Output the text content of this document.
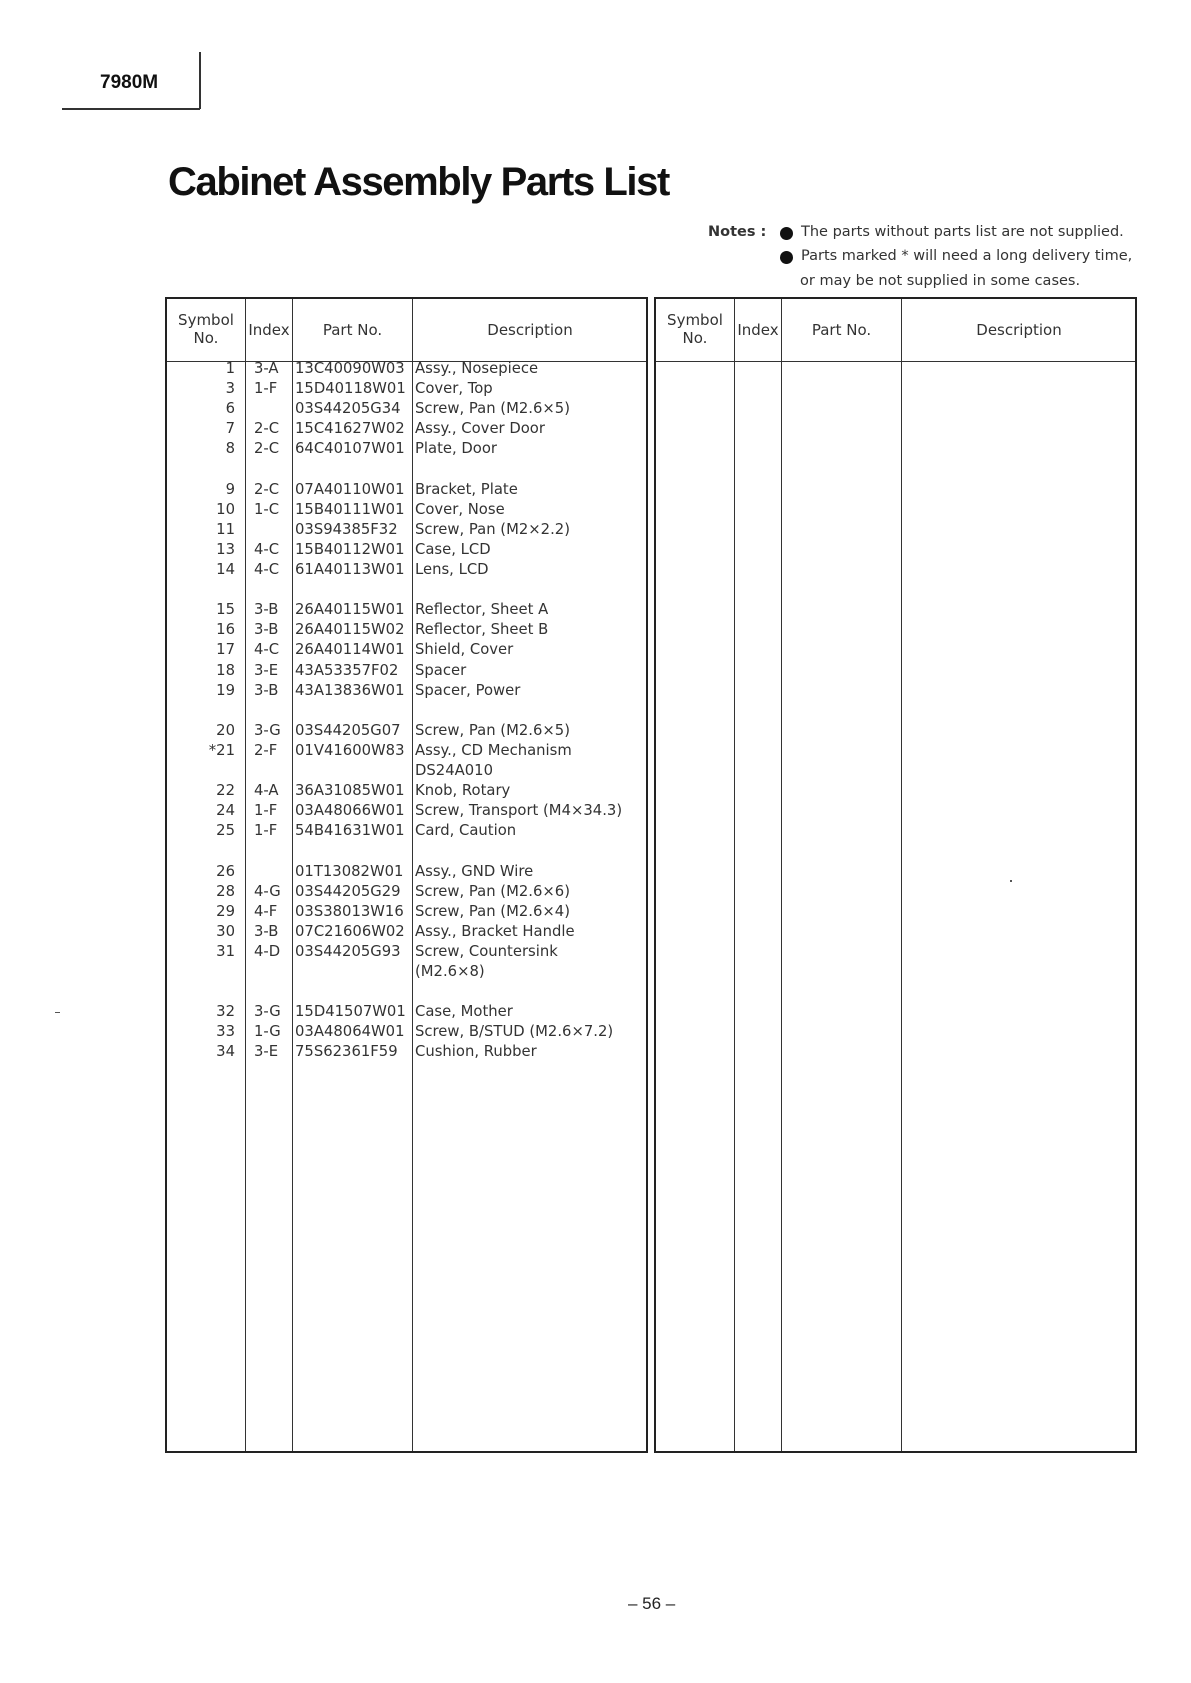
7980M
Cabinet Assembly Parts List
Notes : The parts without parts list are not supplied.
Parts marked * will need a long delivery time,
or may be not supplied in some cases.
Symbol
No.	Index	Part No.	Description
1 3-A 13C40090W03 Assy., Nosepiece
3 1-F 15D40118W01 Cover, Top
6	03S44205G34 Screw, Pan (M2.6×5)
7 2-C 15C41627W02 Assy., Cover Door
8 2-C 64C40107W01 Plate, Door
9 2-C 07A40110W01 Bracket, Plate
10 1-C 15B40111W01 Cover, Nose
11	03S94385F32 Screw, Pan (M2×2.2)
13 4-C 15B40112W01 Case, LCD
14 4-C 61A40113W01 Lens, LCD
15 3-B 26A40115W01 Reflector, Sheet A
16 3-B 26A40115W02 Reflector, Sheet B
17 4-C 26A40114W01 Shield, Cover
18 3-E 43A53357F02 Spacer
19 3-B 43A13836W01 Spacer, Power
20 3-G 03S44205G07 Screw, Pan (M2.6×5)
*21 2-F 01V41600W83 Assy., CD Mechanism
DS24A010
22 4-A 36A31085W01 Knob, Rotary
24 1-F 03A48066W01 Screw, Transport (M4×34.3)
25 1-F 54B41631W01 Card, Caution
26	01T13082W01 Assy., GND Wire
28 4-G 03S44205G29 Screw, Pan (M2.6×6)
29 4-F 03S38013W16 Screw, Pan (M2.6×4)
30 3-B 07C21606W02 Assy., Bracket Handle
31 4-D 03S44205G93 Screw, Countersink
(M2.6×8)
32 3-G 15D41507W01 Case, Mother
33 1-G 03A48064W01 Screw, B/STUD (M2.6×7.2)
34 3-E 75S62361F59 Cushion, Rubber
Symbol
No.	Index	Part No.	Description
– 56 –
